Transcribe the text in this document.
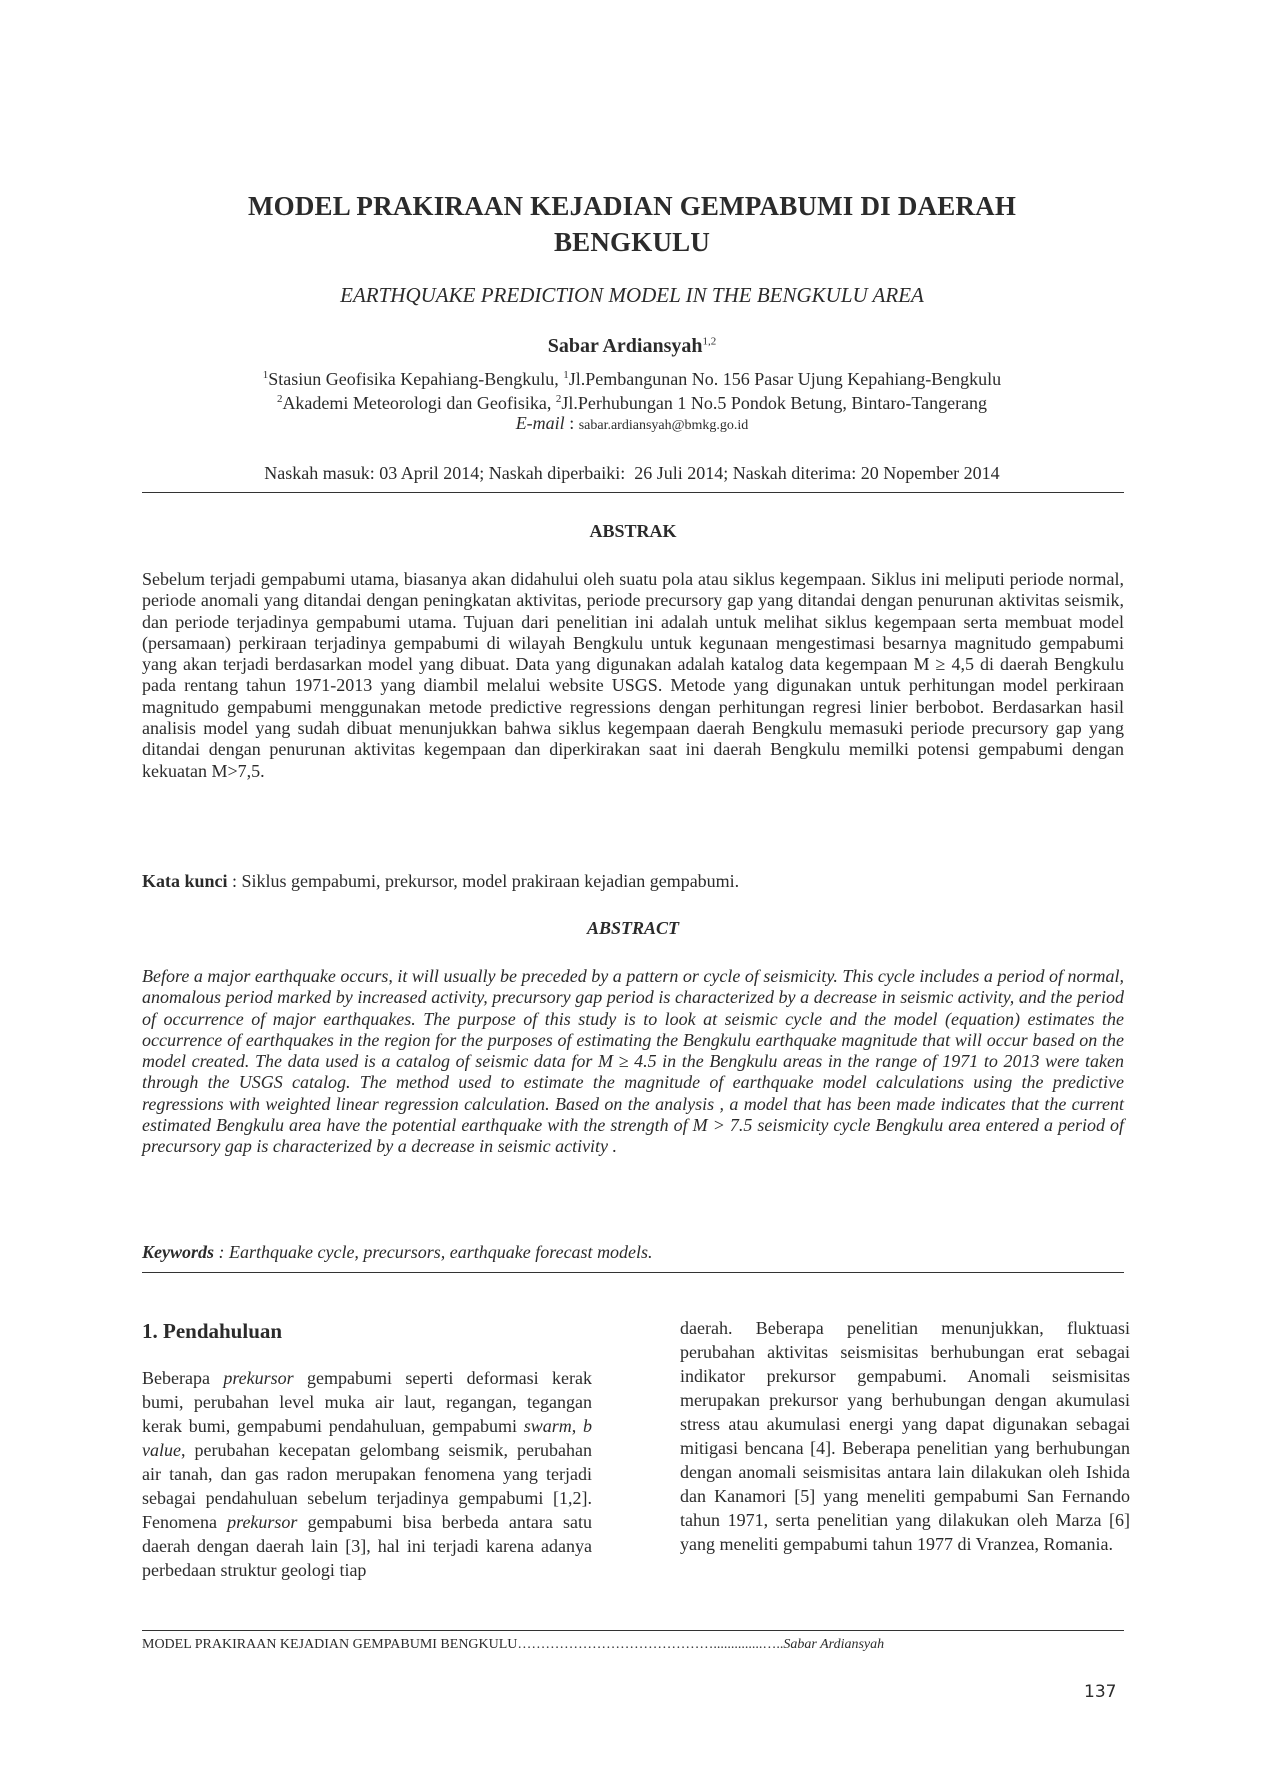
MODEL PRAKIRAAN KEJADIAN GEMPABUMI DI DAERAH
BENGKULU
EARTHQUAKE PREDICTION MODEL IN THE BENGKULU AREA
Sabar Ardiansyah$^{1,2}$
$^1$Stasiun Geofisika Kepahiang-Bengkulu, $^1$Jl.Pembangunan No. 156 Pasar Ujung Kepahiang-Bengkulu
$^2$Akademi Meteorologi dan Geofisika, $^2$Jl.Perhubungan 1 No.5 Pondok Betung, Bintaro-Tangerang
E-mail : sabar.ardiansyah@bmkg.go.id
Naskah masuk: 03 April 2014; Naskah diperbaiki:  26 Juli 2014; Naskah diterima: 20 Nopember 2014
ABSTRAK
Sebelum terjadi gempabumi utama, biasanya akan didahului oleh suatu pola atau siklus kegempaan. Siklus ini meliputi periode normal, periode anomali yang ditandai dengan peningkatan aktivitas, periode precursory gap yang ditandai dengan penurunan aktivitas seismik, dan periode terjadinya gempabumi utama. Tujuan dari penelitian ini adalah untuk melihat siklus kegempaan serta membuat model (persamaan) perkiraan terjadinya gempabumi di wilayah Bengkulu untuk kegunaan mengestimasi besarnya magnitudo gempabumi yang akan terjadi berdasarkan model yang dibuat. Data yang digunakan adalah katalog data kegempaan M ≥ 4,5 di daerah Bengkulu pada rentang tahun 1971-2013 yang diambil melalui website USGS. Metode yang digunakan untuk perhitungan model perkiraan magnitudo gempabumi menggunakan metode predictive regressions dengan perhitungan regresi linier berbobot. Berdasarkan hasil analisis model yang sudah dibuat menunjukkan bahwa siklus kegempaan daerah Bengkulu memasuki periode precursory gap yang ditandai dengan penurunan aktivitas kegempaan dan diperkirakan saat ini daerah Bengkulu memilki potensi gempabumi dengan kekuatan M>7,5.
Kata kunci : Siklus gempabumi, prekursor, model prakiraan kejadian gempabumi.
ABSTRACT
Before a major earthquake occurs, it will usually be preceded by a pattern or cycle of seismicity. This cycle includes a period of normal, anomalous period marked by increased activity, precursory gap period is characterized by a decrease in seismic activity, and the period of occurrence of major earthquakes. The purpose of this study is to look at seismic cycle and the model (equation) estimates the occurrence of earthquakes in the region for the purposes of estimating the Bengkulu earthquake magnitude that will occur based on the model created. The data used is a catalog of seismic data for M ≥ 4.5 in the Bengkulu areas in the range of 1971 to 2013 were taken through the USGS catalog. The method used to estimate the magnitude of earthquake model calculations using the predictive regressions with weighted linear regression calculation. Based on the analysis , a model that has been made indicates that the current estimated Bengkulu area have the potential earthquake with the strength of M > 7.5 seismicity cycle Bengkulu area entered a period of precursory gap is characterized by a decrease in seismic activity .
Keywords : Earthquake cycle, precursors, earthquake forecast models.
1. Pendahuluan
Beberapa prekursor gempabumi seperti deformasi kerak bumi, perubahan level muka air laut, regangan, tegangan kerak bumi, gempabumi pendahuluan, gempabumi swarm, b value, perubahan kecepatan gelombang seismik, perubahan air tanah, dan gas radon merupakan fenomena yang terjadi sebagai pendahuluan sebelum terjadinya gempabumi [1,2]. Fenomena prekursor gempabumi bisa berbeda antara satu daerah dengan daerah lain [3], hal ini terjadi karena adanya perbedaan struktur geologi tiap
daerah. Beberapa penelitian menunjukkan, fluktuasi perubahan aktivitas seismisitas berhubungan erat sebagai indikator prekursor gempabumi. Anomali seismisitas merupakan prekursor yang berhubungan dengan akumulasi stress atau akumulasi energi yang dapat digunakan sebagai mitigasi bencana [4]. Beberapa penelitian yang berhubungan dengan anomali seismisitas antara lain dilakukan oleh Ishida dan Kanamori [5] yang meneliti gempabumi San Fernando tahun 1971, serta penelitian yang dilakukan oleh Marza [6] yang meneliti gempabumi tahun 1977 di Vranzea, Romania.
MODEL PRAKIRAAN KEJADIAN GEMPABUMI BENGKULU……………………………………..............…..Sabar Ardiansyah
137
